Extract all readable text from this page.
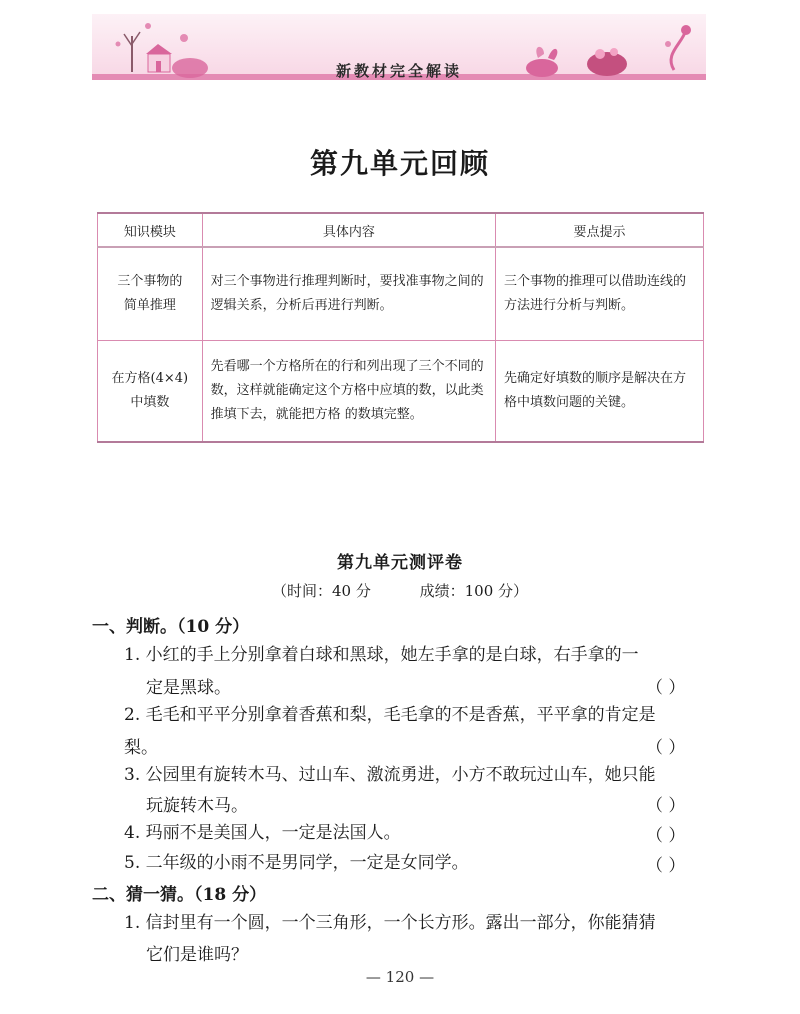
新教材完全解读
第九单元回顾
知识模块	具体内容	要点提示
三个事物的
简单推理	对三个事物进行推理判断时，要找准事物之间的逻辑关系，分析后再进行判断。	三个事物的推理可以借助连线的方法进行分析与判断。
在方格(4×4)
中填数	先看哪一个方格所在的行和列出现了三个不同的数，这样就能确定这个方格中应填的数，以此类推填下去，就能把方格 的数填完整。	先确定好填数的顺序是解决在方格中填数问题的关键。
第九单元测评卷
（时间：40 分	成绩：100 分）
一、判断。（10 分）
1. 小红的手上分别拿着白球和黑球，她左手拿的是白球，右手拿的一
定是黑球。	（ ）
2. 毛毛和平平分别拿着香蕉和梨，毛毛拿的不是香蕉，平平拿的肯定是
梨。	（ ）
3. 公园里有旋转木马、过山车、激流勇进，小方不敢玩过山车，她只能
玩旋转木马。	（ ）
4. 玛丽不是美国人，一定是法国人。	（ ）
5. 二年级的小雨不是男同学，一定是女同学。	（ ）
二、猜一猜。（18 分）
1. 信封里有一个圆，一个三角形，一个长方形。露出一部分，你能猜猜
它们是谁吗？
— 120 —
